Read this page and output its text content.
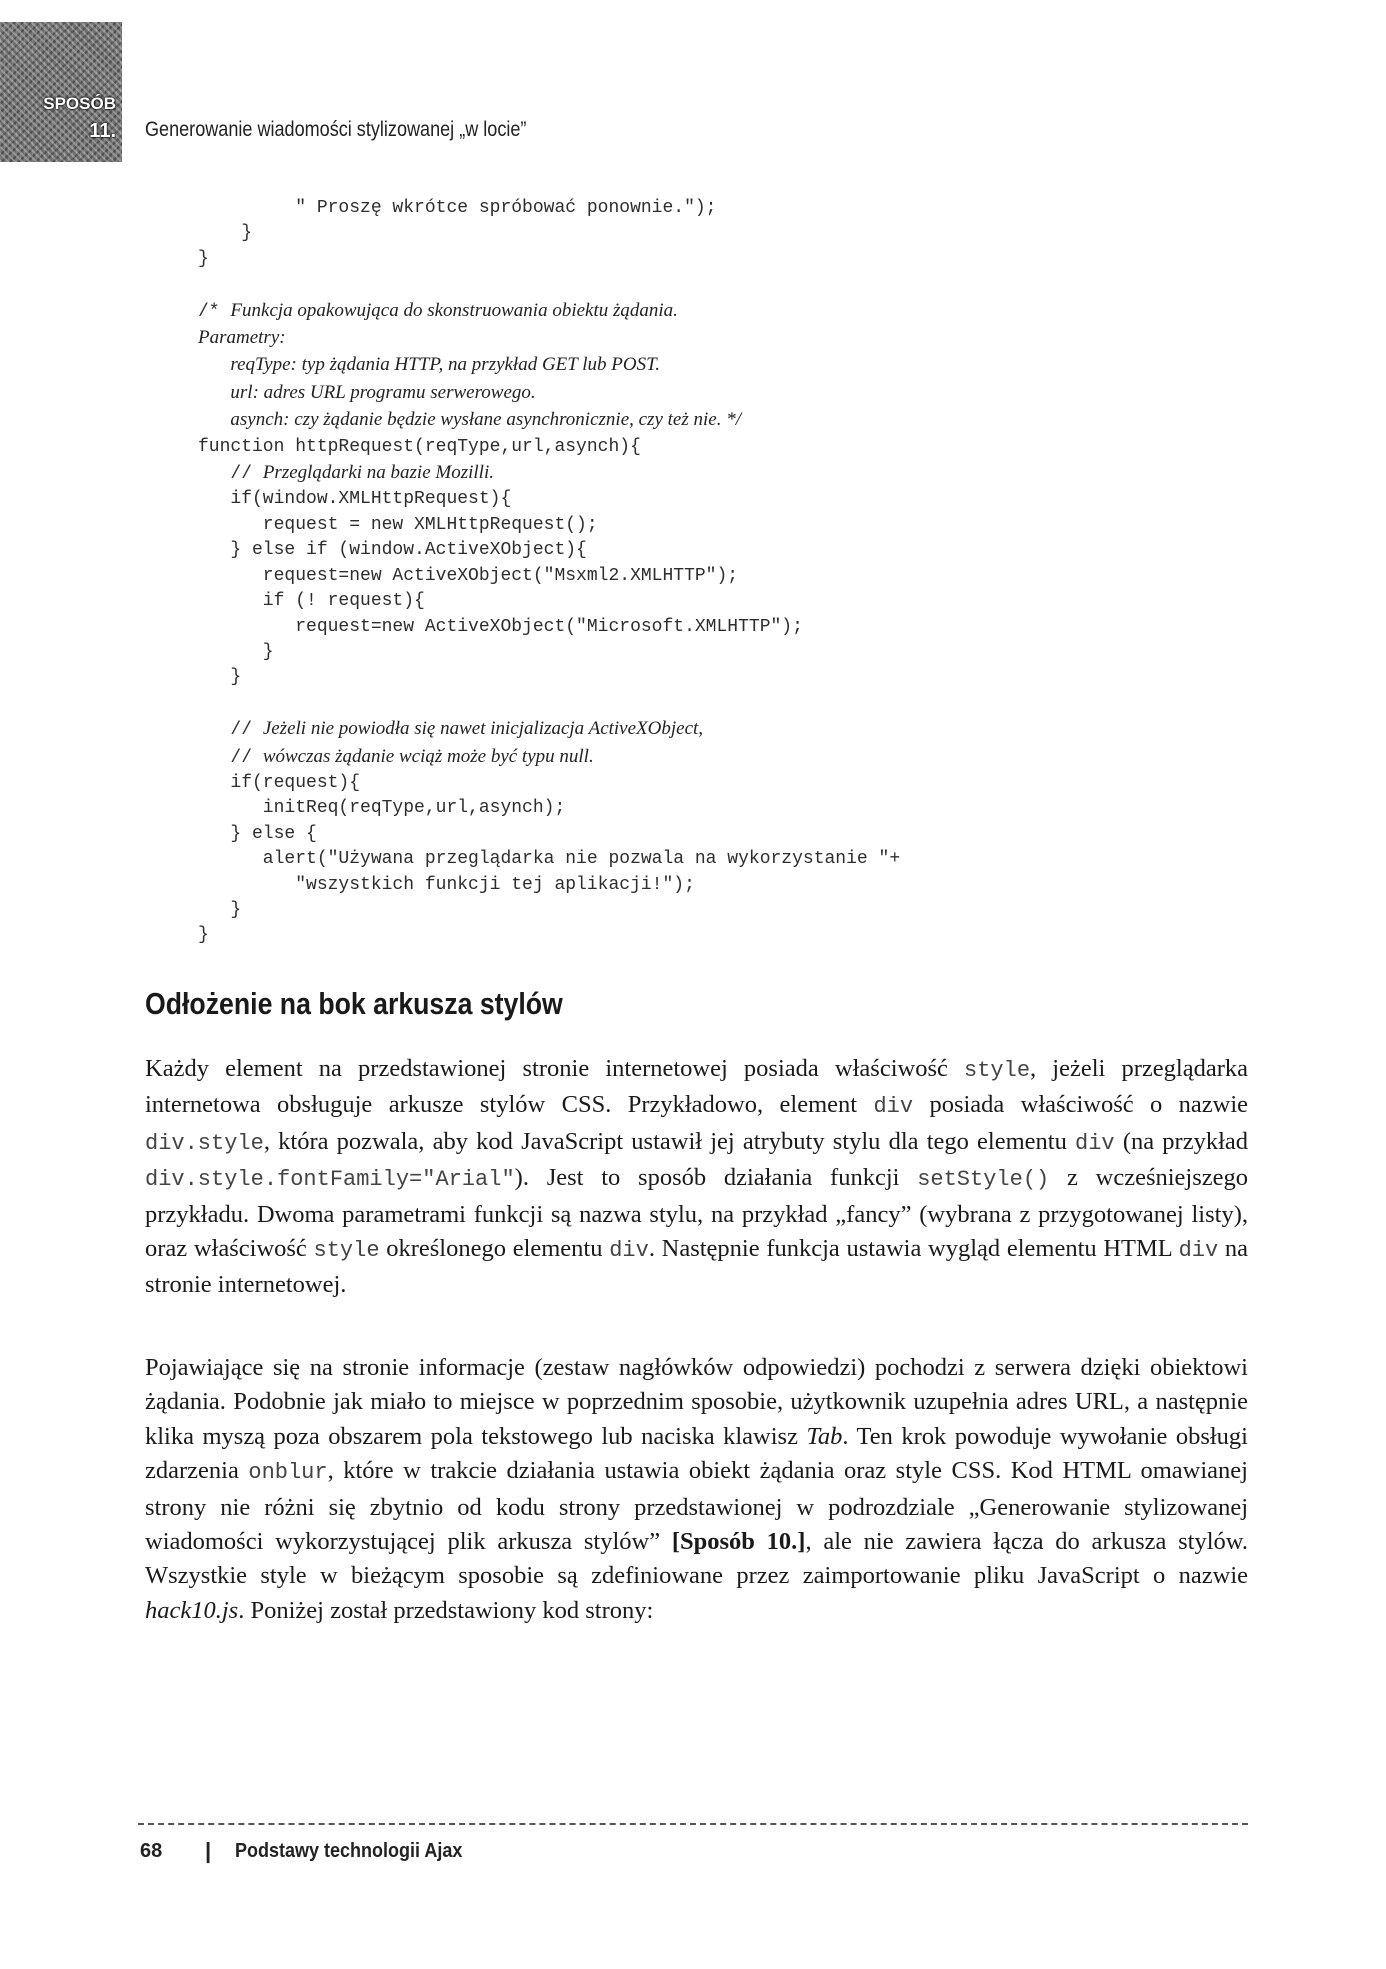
SPOSÓB
11. Generowanie wiadomości stylizowanej „w locie”
" Proszę wkrótce spróbować ponownie.");
}
}

/* Funkcja opakowująca do skonstruowania obiektu żądania.
Parametry:
reqType: typ żądania HTTP, na przykład GET lub POST.
url: adres URL programu serwerowego.
asynch: czy żądanie będzie wysłane asynchronicznie, czy też nie. */
function httpRequest(reqType,url,asynch){
// Przeglądarki na bazie Mozilli.
if(window.XMLHttpRequest){
request = new XMLHttpRequest();
} else if (window.ActiveXObject){
request=new ActiveXObject("Msxml2.XMLHTTP");
if (! request){
request=new ActiveXObject("Microsoft.XMLHTTP");
}
}

// Jeżeli nie powiodła się nawet inicjalizacja ActiveXObject,
// wówczas żądanie wciąż może być typu null.
if(request){
initReq(reqType,url,asynch);
} else {
alert("Używana przeglądarka nie pozwala na wykorzystanie "+
"wszystkich funkcji tej aplikacji!");
}
}
Odłożenie na bok arkusza stylów

Każdy element na przedstawionej stronie internetowej posiada właściwość style, jeżeli przeglądarka internetowa obsługuje arkusze stylów CSS. Przykładowo, element div posiada właściwość o nazwie div.style, która pozwala, aby kod JavaScript ustawił jej atrybuty stylu dla tego elementu div (na przykład div.style.fontFamily="Arial"). Jest to sposób działania funkcji setStyle() z wcześniejszego przykładu. Dwoma parametrami funkcji są nazwa stylu, na przykład „fancy” (wybrana z przygotowanej listy), oraz właściwość style określonego elementu div. Następnie funkcja ustawia wygląd elementu HTML div na stronie internetowej.

Pojawiające się na stronie informacje (zestaw nagłówków odpowiedzi) pochodzi z serwera dzięki obiektowi żądania. Podobnie jak miało to miejsce w poprzednim sposobie, użytkownik uzupełnia adres URL, a następnie klika myszą poza obszarem pola tekstowego lub naciska klawisz Tab. Ten krok powoduje wywołanie obsługi zdarzenia onblur, które w trakcie działania ustawia obiekt żądania oraz style CSS. Kod HTML omawianej strony nie różni się zbytnio od kodu strony przedstawionej w podrozdziale „Generowanie stylizowanej wiadomości wykorzystującej plik arkusza stylów” [Sposób 10.], ale nie zawiera łącza do arkusza stylów. Wszystkie style w bieżącym sposobie są zdefiniowane przez zaimportowanie pliku JavaScript o nazwie hack10.js. Poniżej został przedstawiony kod strony:

68 | Podstawy technologii Ajax
